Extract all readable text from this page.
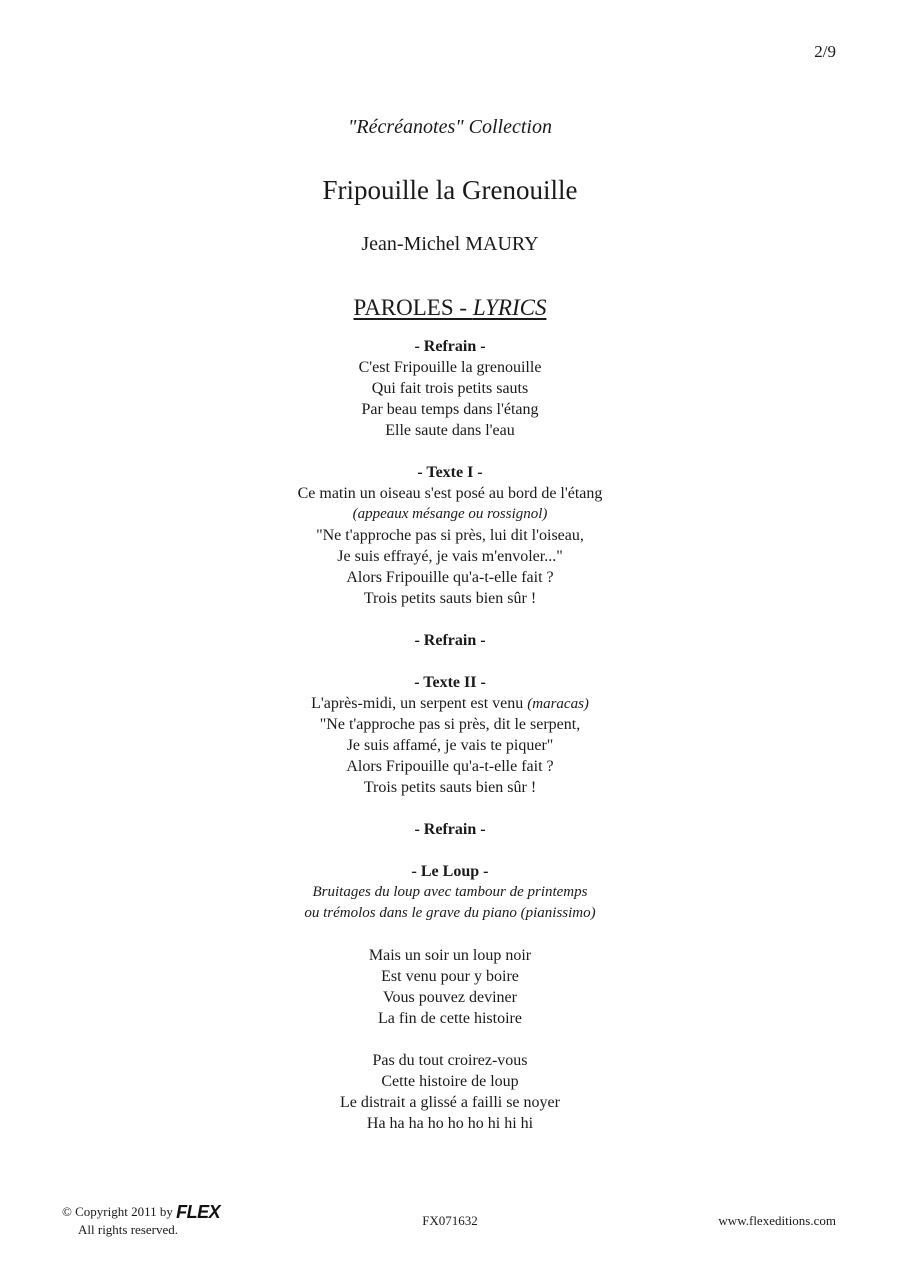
2/9

"Récréanotes" Collection

Fripouille la Grenouille

Jean-Michel MAURY

PAROLES - LYRICS

- Refrain -
C'est Fripouille la grenouille
Qui fait trois petits sauts
Par beau temps dans l'étang
Elle saute dans l'eau
- Texte I -
Ce matin un oiseau s'est posé au bord de l'étang
(appeaux mésange ou rossignol)
"Ne t'approche pas si près, lui dit l'oiseau,
Je suis effrayé, je vais m'envoler..."
Alors Fripouille qu'a-t-elle fait ?
Trois petits sauts bien sûr !
- Refrain -
- Texte II -
L'après-midi, un serpent est venu (maracas)
"Ne t'approche pas si près, dit le serpent,
Je suis affamé, je vais te piquer"
Alors Fripouille qu'a-t-elle fait ?
Trois petits sauts bien sûr !
- Refrain -
- Le Loup -
Bruitages du loup avec tambour de printemps
ou trémolos dans le grave du piano (pianissimo)
Mais un soir un loup noir
Est venu pour y boire
Vous pouvez deviner
La fin de cette histoire
Pas du tout croirez-vous
Cette histoire de loup
Le distrait a glissé a failli se noyer
Ha ha ha ho ho ho hi hi hi
© Copyright 2011 by FLEX
All rights reserved.
FX071632	www.flexeditions.com
